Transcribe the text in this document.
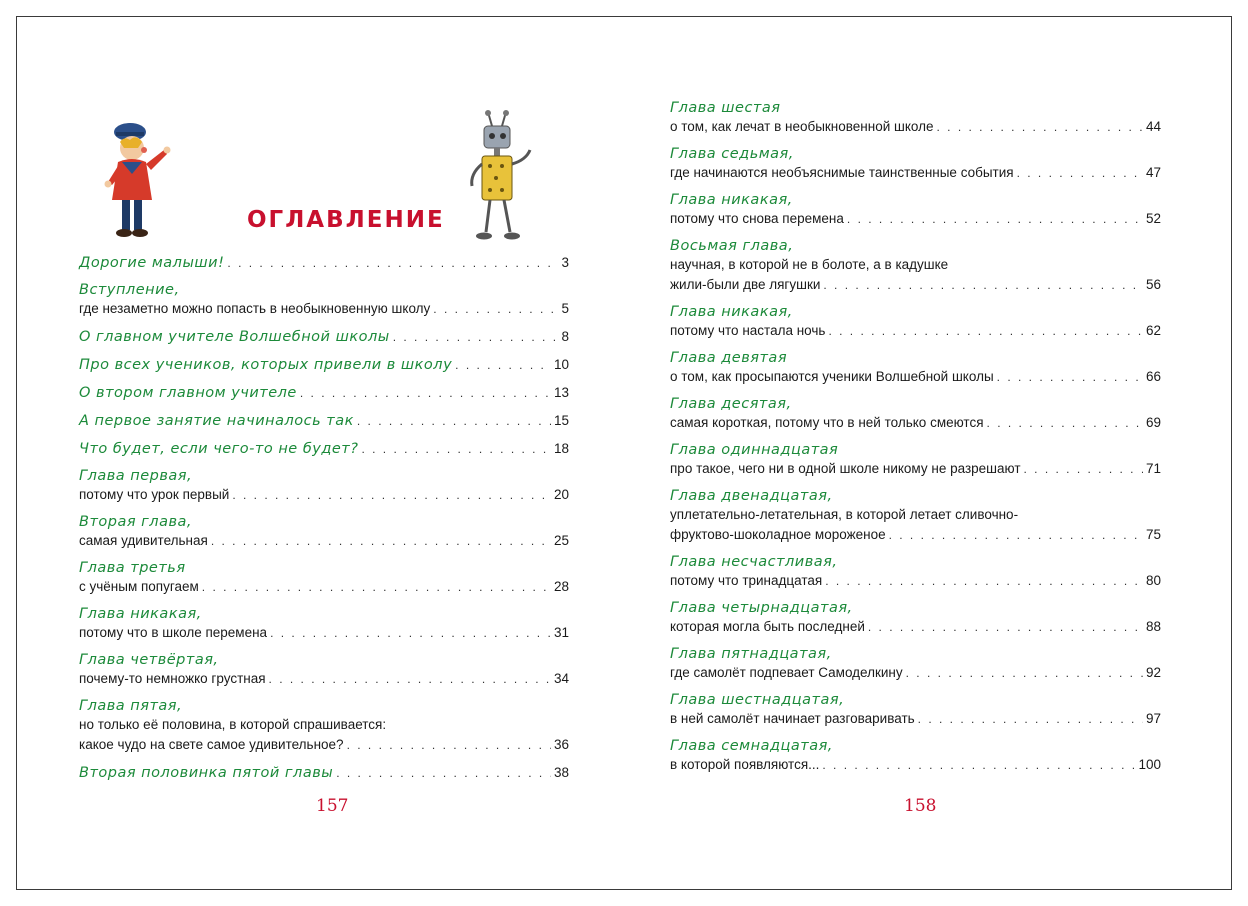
ОГЛАВЛЕНИЕ
Дорогие малыши! . . .	3
Вступление,
где незаметно можно попасть в необыкновенную школу . . .	5
О главном учителе Волшебной школы . . .	8
Про всех учеников, которых привели в школу . . .	10
О втором главном учителе . . .	13
А первое занятие начиналось так . . .	15
Что будет, если чего-то не будет? . . .	18
Глава первая,
потому что урок первый . . .	20
Вторая глава,
самая удивительная . . .	25
Глава третья
с учёным попугаем . . .	28
Глава никакая,
потому что в школе перемена . . .	31
Глава четвёртая,
почему-то немножко грустная . . .	34
Глава пятая,
но только её половина, в которой спрашивается:
какое чудо на свете самое удивительное? . . .	36
Вторая половинка пятой главы . . .	38
Глава шестая
о том, как лечат в необыкновенной школе . . .	44
Глава седьмая,
где начинаются необъяснимые таинственные события . . .	47
Глава никакая,
потому что снова перемена . . .	52
Восьмая глава,
научная, в которой не в болоте, а в кадушке
жили-были две лягушки . . .	56
Глава никакая,
потому что настала ночь . . .	62
Глава девятая
о том, как просыпаются ученики Волшебной школы . . .	66
Глава десятая,
самая короткая, потому что в ней только смеются . . .	69
Глава одиннадцатая
про такое, чего ни в одной школе никому не разрешают . . .	71
Глава двенадцатая,
уплетательно-летательная, в которой летает сливочно-
фруктово-шоколадное мороженое . . .	75
Глава несчастливая,
потому что тринадцатая . . .	80
Глава четырнадцатая,
которая могла быть последней . . .	88
Глава пятнадцатая,
где самолёт подпевает Самоделкину . . .	92
Глава шестнадцатая,
в ней самолёт начинает разговаривать . . .	97
Глава семнадцатая,
в которой появляются... . . .	100
157	158
